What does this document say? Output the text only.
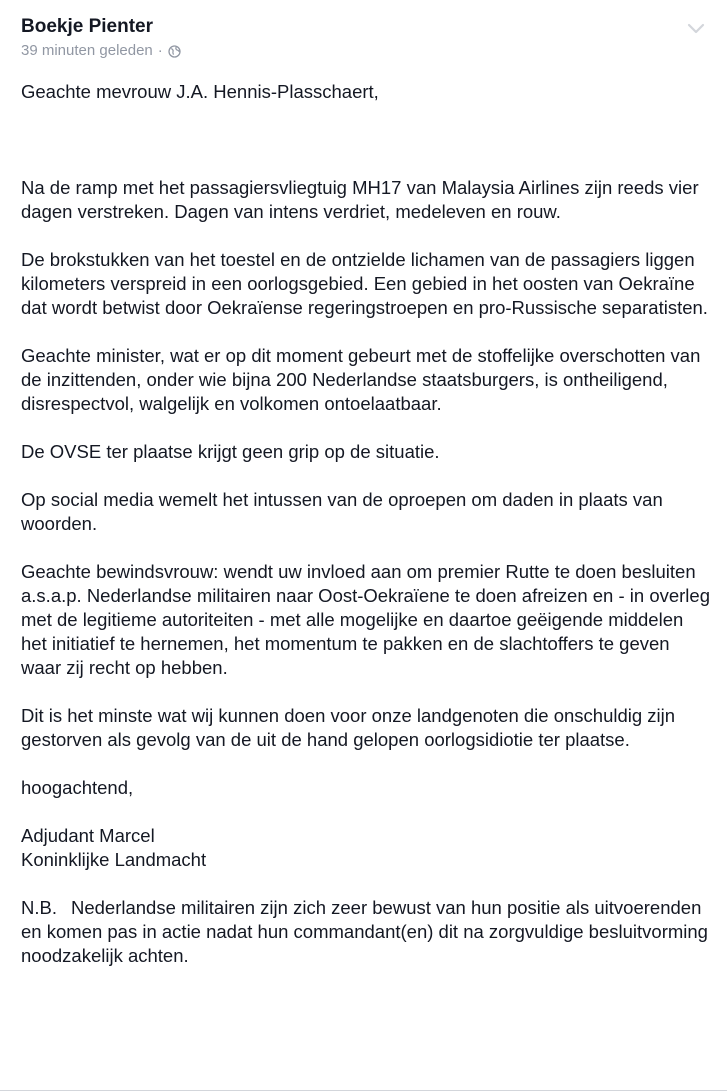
Boekje Pienter
39 minuten geleden ·

Geachte mevrouw J.A. Hennis-Plasschaert,

Na de ramp met het passagiersvliegtuig MH17 van Malaysia Airlines zijn reeds vier dagen verstreken. Dagen van intens verdriet, medeleven en rouw.

De brokstukken van het toestel en de ontzielde lichamen van de passagiers liggen kilometers verspreid in een oorlogsgebied. Een gebied in het oosten van Oekraïne dat wordt betwist door Oekraïense regeringstroepen en pro-Russische separatisten.

Geachte minister, wat er op dit moment gebeurt met de stoffelijke overschotten van de inzittenden, onder wie bijna 200 Nederlandse staatsburgers, is ontheiligend, disrespectvol, walgelijk en volkomen ontoelaatbaar.

De OVSE ter plaatse krijgt geen grip op de situatie.

Op social media wemelt het intussen van de oproepen om daden in plaats van woorden.

Geachte bewindsvrouw: wendt uw invloed aan om premier Rutte te doen besluiten a.s.a.p. Nederlandse militairen naar Oost-Oekraïene te doen afreizen en - in overleg met de legitieme autoriteiten - met alle mogelijke en daartoe geëigende middelen het initiatief te hernemen, het momentum te pakken en de slachtoffers te geven waar zij recht op hebben.

Dit is het minste wat wij kunnen doen voor onze landgenoten die onschuldig zijn gestorven als gevolg van de uit de hand gelopen oorlogsidiotie ter plaatse.

hoogachtend,

Adjudant Marcel

Koninklijke Landmacht

N.B. Nederlandse militairen zijn zich zeer bewust van hun positie als uitvoerenden en komen pas in actie nadat hun commandant(en) dit na zorgvuldige besluitvorming noodzakelijk achten.
